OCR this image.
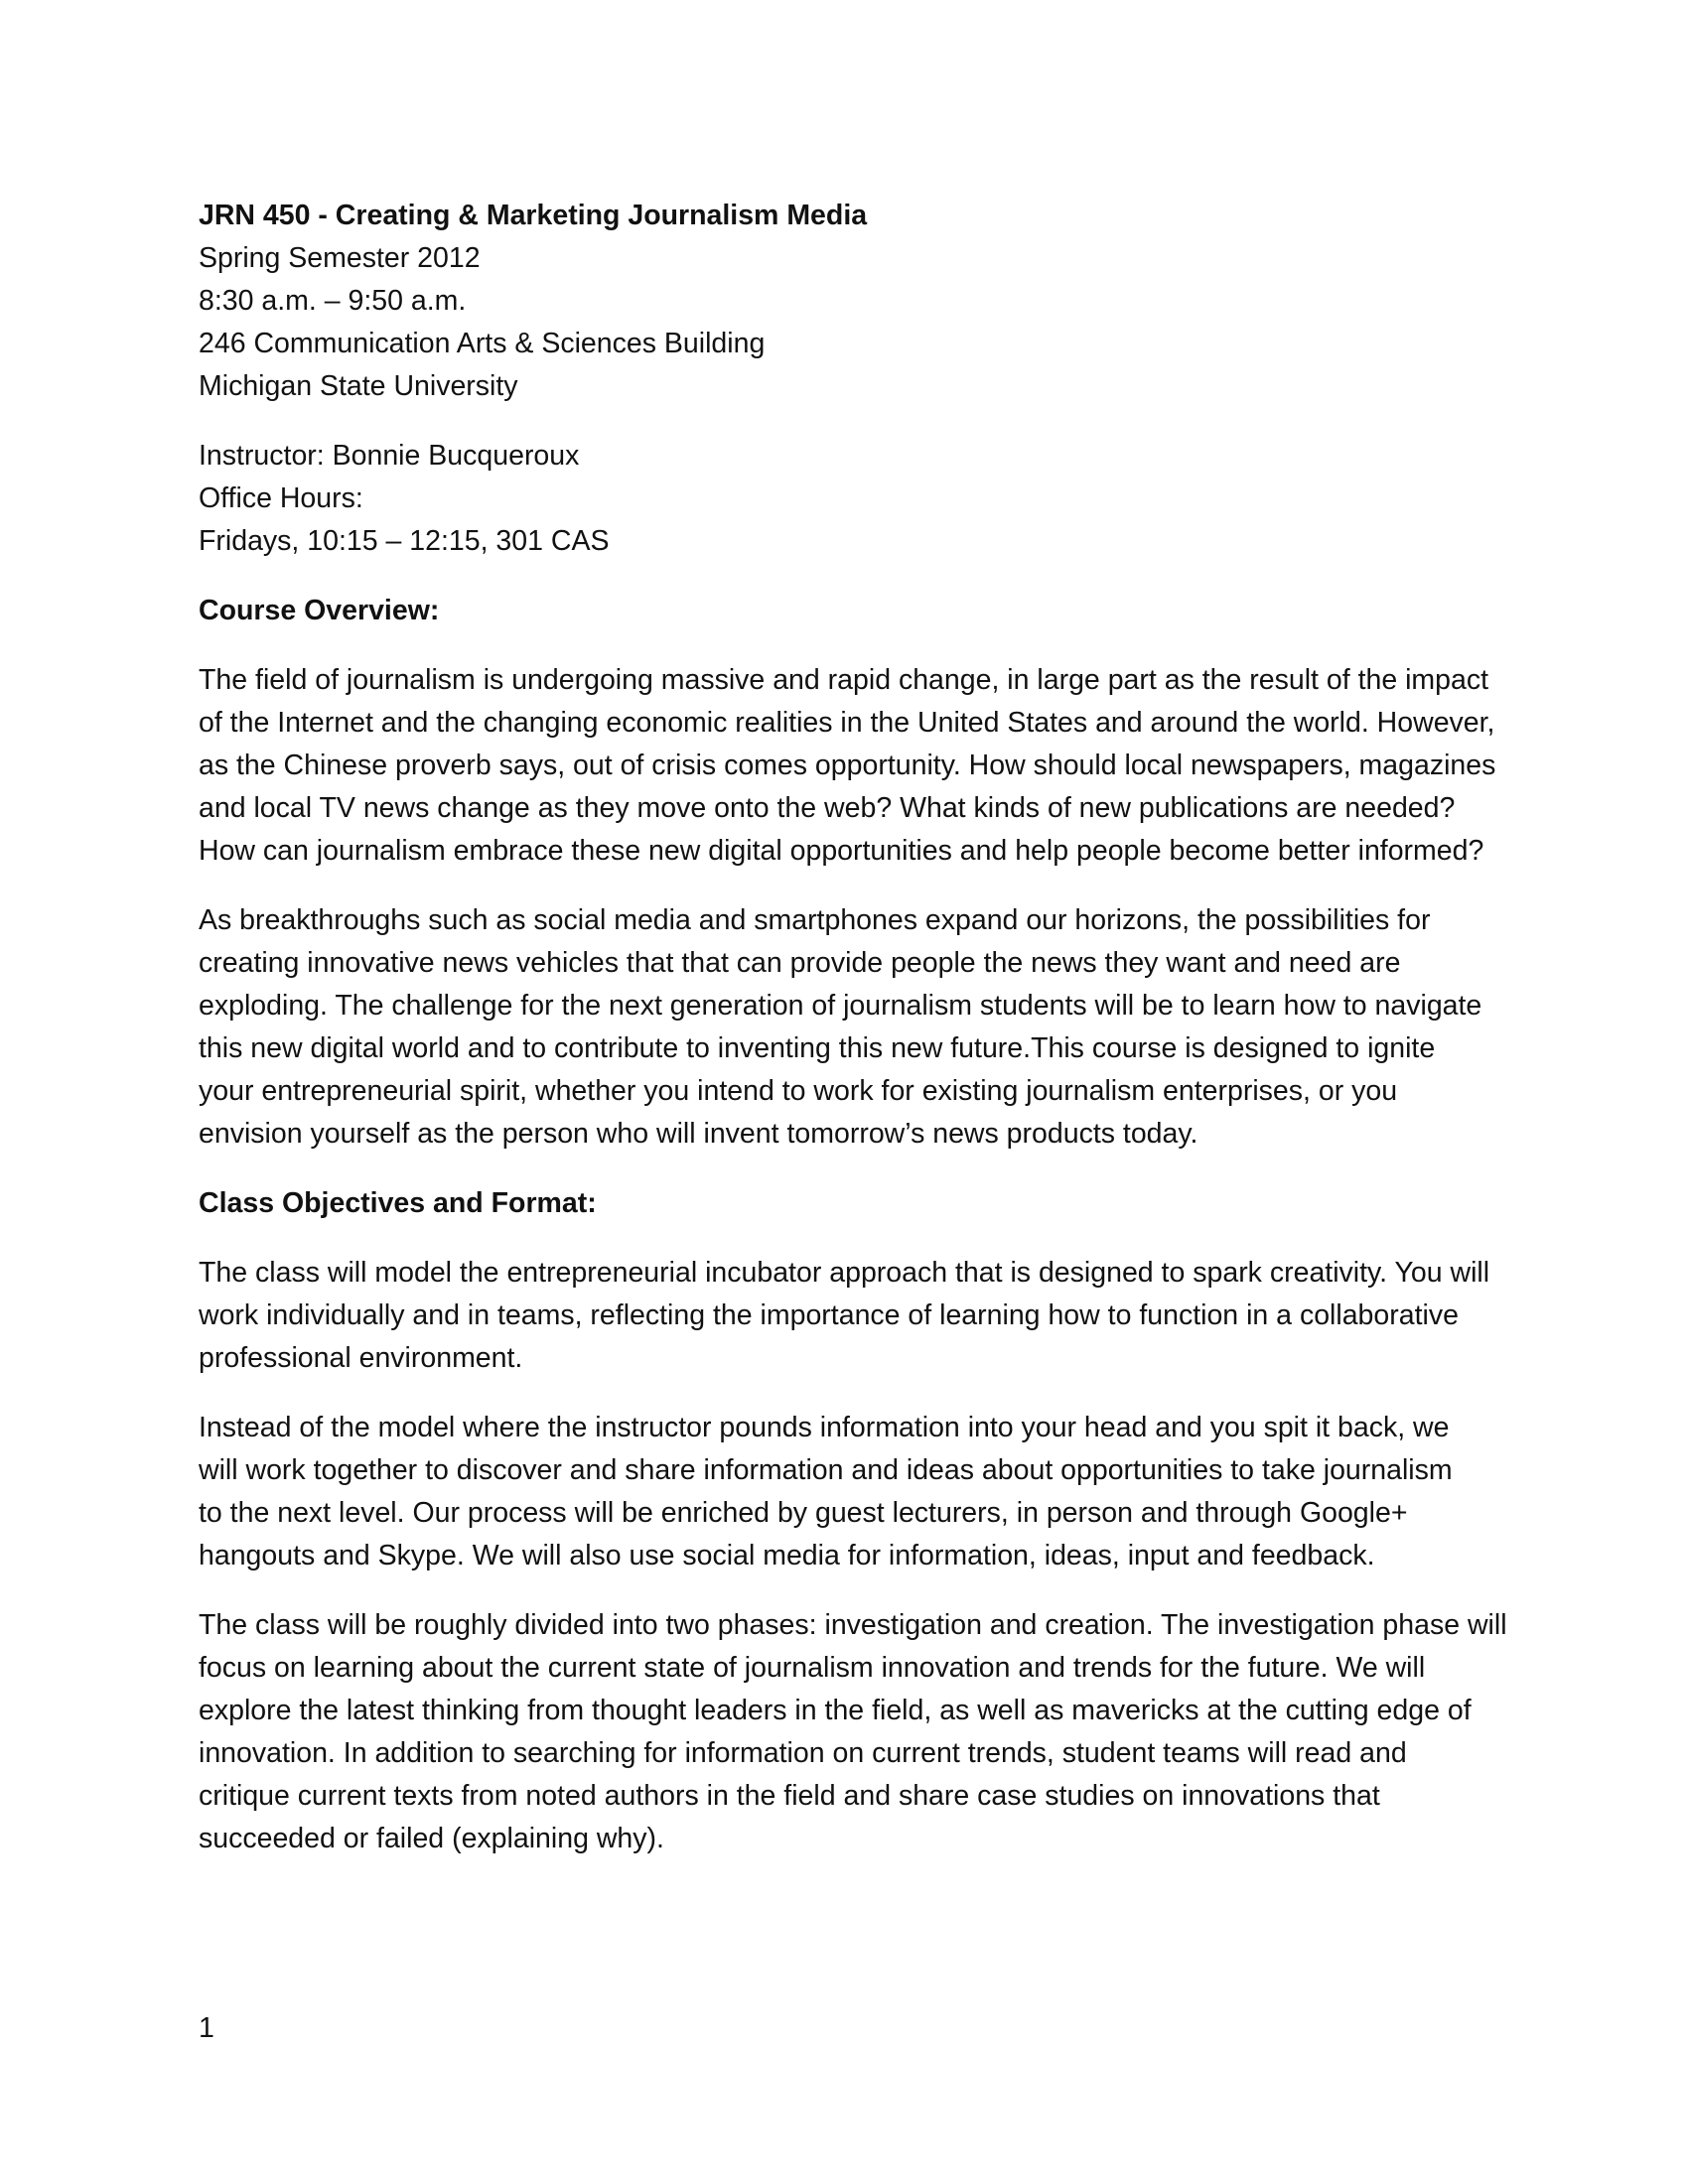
JRN 450 - Creating & Marketing Journalism Media
Spring Semester 2012
8:30 a.m. – 9:50 a.m.
246 Communication Arts & Sciences Building
Michigan State University
Instructor: Bonnie Bucqueroux
Office Hours:
Fridays, 10:15 – 12:15, 301 CAS
Course Overview:
The field of journalism is undergoing massive and rapid change, in large part as the result of the impact
of the Internet and the changing economic realities in the United States and around the world. However,
as the Chinese proverb says, out of crisis comes opportunity. How should local newspapers, magazines
and local TV news change as they move onto the web? What kinds of new publications are needed?
How can journalism embrace these new digital opportunities and help people become better informed?
As breakthroughs such as social media and smartphones expand our horizons, the possibilities for
creating innovative news vehicles that that can provide people the news they want and need are
exploding. The challenge for the next generation of journalism students will be to learn how to navigate
this new digital world and to contribute to inventing this new future.This course is designed to ignite
your entrepreneurial spirit, whether you intend to work for existing journalism enterprises, or you
envision yourself as the person who will invent tomorrow’s news products today.
Class Objectives and Format:
The class will model the entrepreneurial incubator approach that is designed to spark creativity. You will
work individually and in teams, reflecting the importance of learning how to function in a collaborative
professional environment.
Instead of the model where the instructor pounds information into your head and you spit it back, we
will work together to discover and share information and ideas about opportunities to take journalism
to the next level. Our process will be enriched by guest lecturers, in person and through Google+
hangouts and Skype. We will also use social media for information, ideas, input and feedback.
The class will be roughly divided into two phases: investigation and creation. The investigation phase will
focus on learning about the current state of journalism innovation and trends for the future. We will
explore the latest thinking from thought leaders in the field, as well as mavericks at the cutting edge of
innovation. In addition to searching for information on current trends, student teams will read and
critique current texts from noted authors in the field and share case studies on innovations that
succeeded or failed (explaining why).
1
